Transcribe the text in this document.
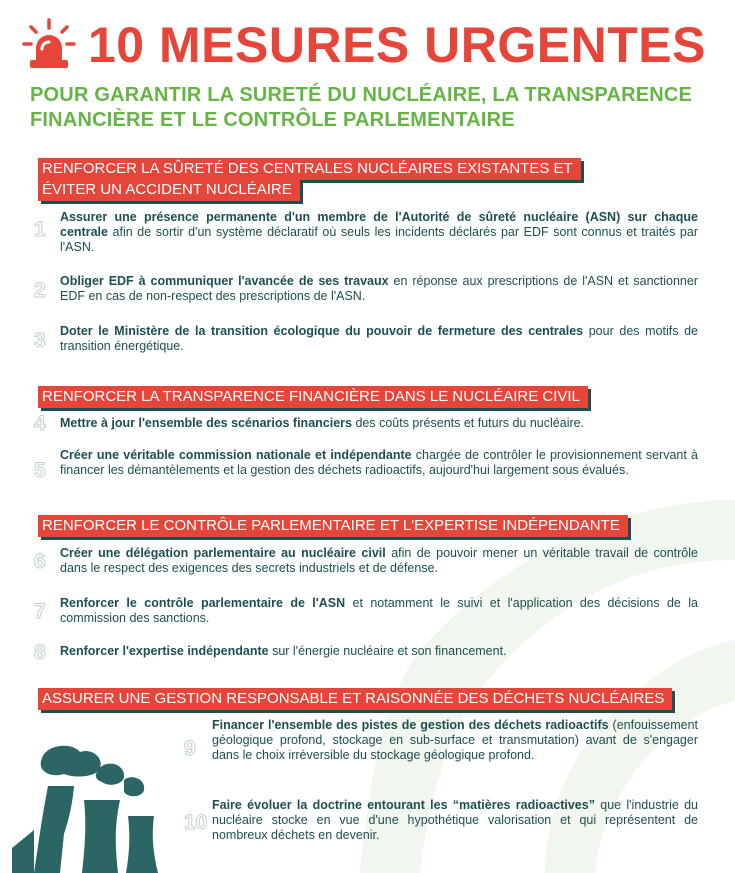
10 MESURES URGENTES
POUR GARANTIR LA SURETÉ DU NUCLÉAIRE, LA TRANSPARENCE FINANCIÈRE ET LE CONTRÔLE PARLEMENTAIRE
RENFORCER LA SÛRETÉ DES CENTRALES NUCLÉAIRES EXISTANTES ET
ÉVITER UN ACCIDENT NUCLÉAIRE
1
Assurer une présence permanente d'un membre de l'Autorité de sûreté nucléaire (ASN) sur chaque centrale afin de sortir d'un système déclaratif où seuls les incidents déclarés par EDF sont connus et traités par l'ASN.
2 Obliger EDF à communiquer l'avancée de ses travaux en réponse aux prescriptions de l'ASN et sanctionner EDF en cas de non-respect des prescriptions de l'ASN.
3 Doter le Ministère de la transition écologique du pouvoir de fermeture des centrales pour des motifs de transition énergétique.
RENFORCER LA TRANSPARENCE FINANCIÈRE DANS LE NUCLÉAIRE CIVIL
4 Mettre à jour l'ensemble des scénarios financiers des coûts présents et futurs du nucléaire.
5
Créer une véritable commission nationale et indépendante chargée de contrôler le provisionnement servant à financer les démantèlements et la gestion des déchets radioactifs, aujourd'hui largement sous évalués.
RENFORCER LE CONTRÔLE PARLEMENTAIRE ET L'EXPERTISE INDÉPENDANTE
6 Créer une délégation parlementaire au nucléaire civil afin de pouvoir mener un véritable travail de contrôle dans le respect des exigences des secrets industriels et de défense.
7 Renforcer le contrôle parlementaire de l'ASN et notamment le suivi et l'application des décisions de la commission des sanctions.
8 Renforcer l'expertise indépendante sur l'énergie nucléaire et son financement.
ASSURER UNE GESTION RESPONSABLE ET RAISONNÉE DES DÉCHETS NUCLÉAIRES
9
Financer l'ensemble des pistes de gestion des déchets radioactifs (enfouissement géologique profond, stockage en sub-surface et transmutation) avant de s'engager dans le choix irréversible du stockage géologique profond.
10
Faire évoluer la doctrine entourant les “matières radioactives” que l'industrie du nucléaire stocke en vue d'une hypothétique valorisation et qui représentent de nombreux déchets en devenir.
